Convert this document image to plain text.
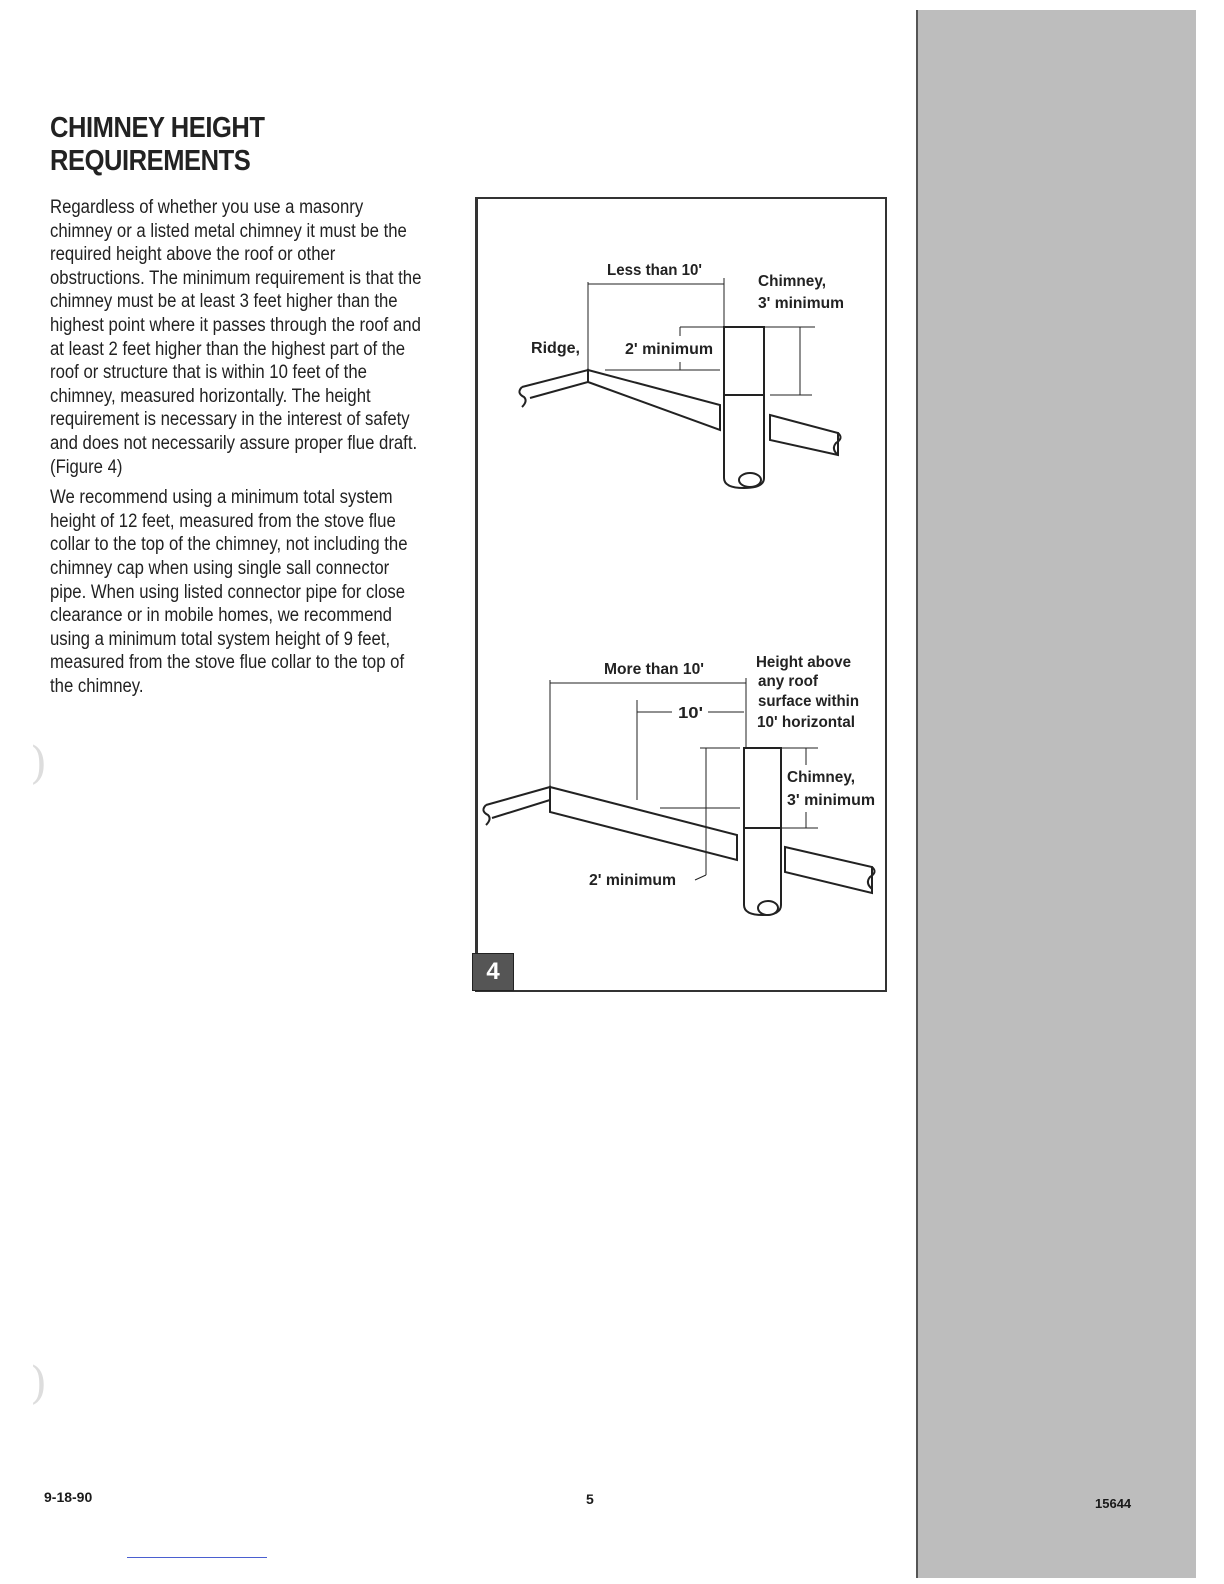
)
)
CHIMNEY HEIGHT
REQUIREMENTS

Regardless of whether you use a masonry chimney or a listed metal chimney it must be the required height above the roof or other obstructions. The minimum requirement is that the chimney must be at least 3 feet higher than the highest point where it passes through the roof and at least 2 feet higher than the highest part of the roof or structure that is within 10 feet of the chimney, measured horizontally. The height requirement is necessary in the interest of safety and does not necessarily assure proper flue draft. (Figure 4)

We recommend using a minimum total system height of 12 feet, measured from the stove flue collar to the top of the chimney, not including the chimney cap when using single sall connector pipe. When using listed connector pipe for close clearance or in mobile homes, we recommend using a minimum total system height of 9 feet, measured from the stove flue collar to the top of the chimney.

Less than 10'
Chimney,
3' minimum
Ridge,	2' minimum
More than 10'	Height above
any roof
surface within
10' horizontal
10'
Chimney,
3' minimum
2' minimum
4
9-18-90	5	15644
